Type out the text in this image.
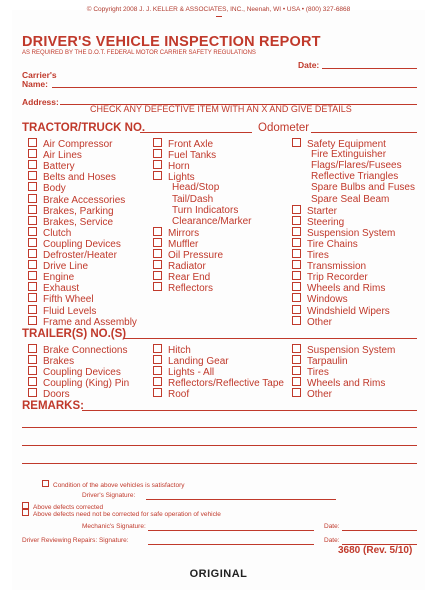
© Copyright 2008 J. J. KELLER & ASSOCIATES, INC., Neenah, WI • USA • (800) 327-6868
DRIVER'S VEHICLE INSPECTION REPORT
AS REQUIRED BY THE D.O.T. FEDERAL MOTOR CARRIER SAFETY REGULATIONS
Date:
Carrier's
Name:
Address:
CHECK ANY DEFECTIVE ITEM WITH AN X AND GIVE DETAILS
TRACTOR/TRUCK NO.	Odometer
Air Compressor
Air Lines
Battery
Belts and Hoses
Body
Brake Accessories
Brakes, Parking
Brakes, Service
Clutch
Coupling Devices
Defroster/Heater
Drive Line
Engine
Exhaust
Fifth Wheel
Fluid Levels
Frame and Assembly
Front Axle
Fuel Tanks
Horn
Lights
Head/Stop
Tail/Dash
Turn Indicators
Clearance/Marker
Mirrors
Muffler
Oil Pressure
Radiator
Rear End
Reflectors
Safety Equipment
Fire Extinguisher
Flags/Flares/Fusees
Reflective Triangles
Spare Bulbs and Fuses
Spare Seal Beam
Starter
Steering
Suspension System
Tire Chains
Tires
Transmission
Trip Recorder
Wheels and Rims
Windows
Windshield Wipers
Other
TRAILER(S) NO.(S)
Brake Connections
Brakes
Coupling Devices
Coupling (King) Pin
Doors
Hitch
Landing Gear
Lights - All
Reflectors/Reflective Tape
Roof
Suspension System
Tarpaulin
Tires
Wheels and Rims
Other
REMARKS:
Condition of the above vehicles is satisfactory
Driver's Signature:
Above defects corrected
Above defects need not be corrected for safe operation of vehicle
Mechanic's Signature:	Date:
Driver Reviewing Repairs: Signature:	Date:
3680 (Rev. 5/10)
ORIGINAL
